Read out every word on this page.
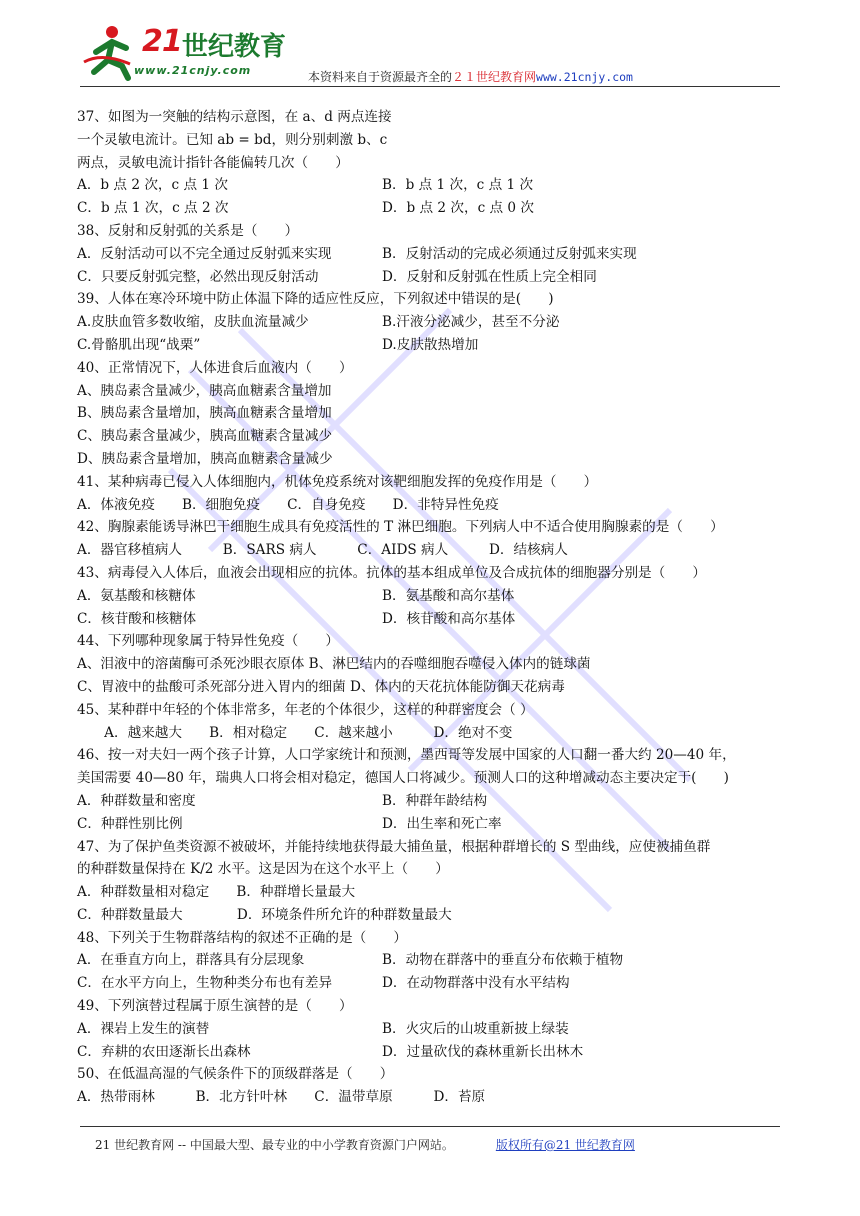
21 世纪教育
www.21cnjy.com	本资料来自于资源最齐全的２１世纪教育网www.21cnjy.com
37、如图为一突触的结构示意图，在 a、d 两点连接
一个灵敏电流计。已知 ab = bd，则分别刺激 b、c
两点，灵敏电流计指针各能偏转几次（　　）
A．b 点 2 次，c 点 1 次	B．b 点 1 次，c 点 1 次
C．b 点 1 次，c 点 2 次	D．b 点 2 次，c 点 0 次
38、反射和反射弧的关系是（　　）
A．反射活动可以不完全通过反射弧来实现	B．反射活动的完成必须通过反射弧来实现
C．只要反射弧完整，必然出现反射活动	D．反射和反射弧在性质上完全相同
39、人体在寒冷环境中防止体温下降的适应性反应，下列叙述中错误的是(　　)
A.皮肤血管多数收缩，皮肤血流量减少	B.汗液分泌减少，甚至不分泌
C.骨骼肌出现“战栗”	D.皮肤散热增加
40、正常情况下，人体进食后血液内（　　）
A、胰岛素含量减少，胰高血糖素含量增加
B、胰岛素含量增加，胰高血糖素含量增加
C、胰岛素含量减少，胰高血糖素含量减少
D、胰岛素含量增加，胰高血糖素含量减少
41、某种病毒已侵入人体细胞内，机体免疫系统对该靶细胞发挥的免疫作用是（　　）
A．体液免疫　　B．细胞免疫　　C．自身免疫　　D．非特异性免疫
42、胸腺素能诱导淋巴干细胞生成具有免疫活性的 T 淋巴细胞。下列病人中不适合使用胸腺素的是（　　）
A．器官移植病人　　　B．SARS 病人　　　C．AIDS 病人　　　D．结核病人
43、病毒侵入人体后，血液会出现相应的抗体。抗体的基本组成单位及合成抗体的细胞器分别是（　　）
A．氨基酸和核糖体	B．氨基酸和高尔基体
C．核苷酸和核糖体	D．核苷酸和高尔基体
44、下列哪种现象属于特异性免疫（　　）
A、泪液中的溶菌酶可杀死沙眼衣原体 B、淋巴结内的吞噬细胞吞噬侵入体内的链球菌
C、胃液中的盐酸可杀死部分进入胃内的细菌 D、体内的天花抗体能防御天花病毒
45、某种群中年轻的个体非常多，年老的个体很少，这样的种群密度会（ ）
　　A．越来越大　　B．相对稳定　　C．越来越小　　　D．绝对不变
46、按一对夫妇一两个孩子计算，人口学家统计和预测，墨西哥等发展中国家的人口翻一番大约 20—40 年，
美国需要 40—80 年，瑞典人口将会相对稳定，德国人口将减少。预测人口的这种增减动态主要决定于(　　)
A．种群数量和密度	B．种群年龄结构
C．种群性别比例	D．出生率和死亡率
47、为了保护鱼类资源不被破坏，并能持续地获得最大捕鱼量，根据种群增长的 S 型曲线，应使被捕鱼群
的种群数量保持在 K/2 水平。这是因为在这个水平上（　　）
A．种群数量相对稳定　　B．种群增长量最大
C．种群数量最大　　　　D．环境条件所允许的种群数量最大
48、下列关于生物群落结构的叙述不正确的是（　　）
A．在垂直方向上，群落具有分层现象	B．动物在群落中的垂直分布依赖于植物
C．在水平方向上，生物种类分布也有差异	D．在动物群落中没有水平结构
49、下列演替过程属于原生演替的是（　　）
A．裸岩上发生的演替	B．火灾后的山坡重新披上绿装
C．弃耕的农田逐渐长出森林	D．过量砍伐的森林重新长出林木
50、在低温高湿的气候条件下的顶级群落是（　　）
A．热带雨林　　　B．北方针叶林　　C．温带草原　　　D．苔原
21 世纪教育网 -- 中国最大型、最专业的中小学教育资源门户网站。	版权所有@21 世纪教育网
